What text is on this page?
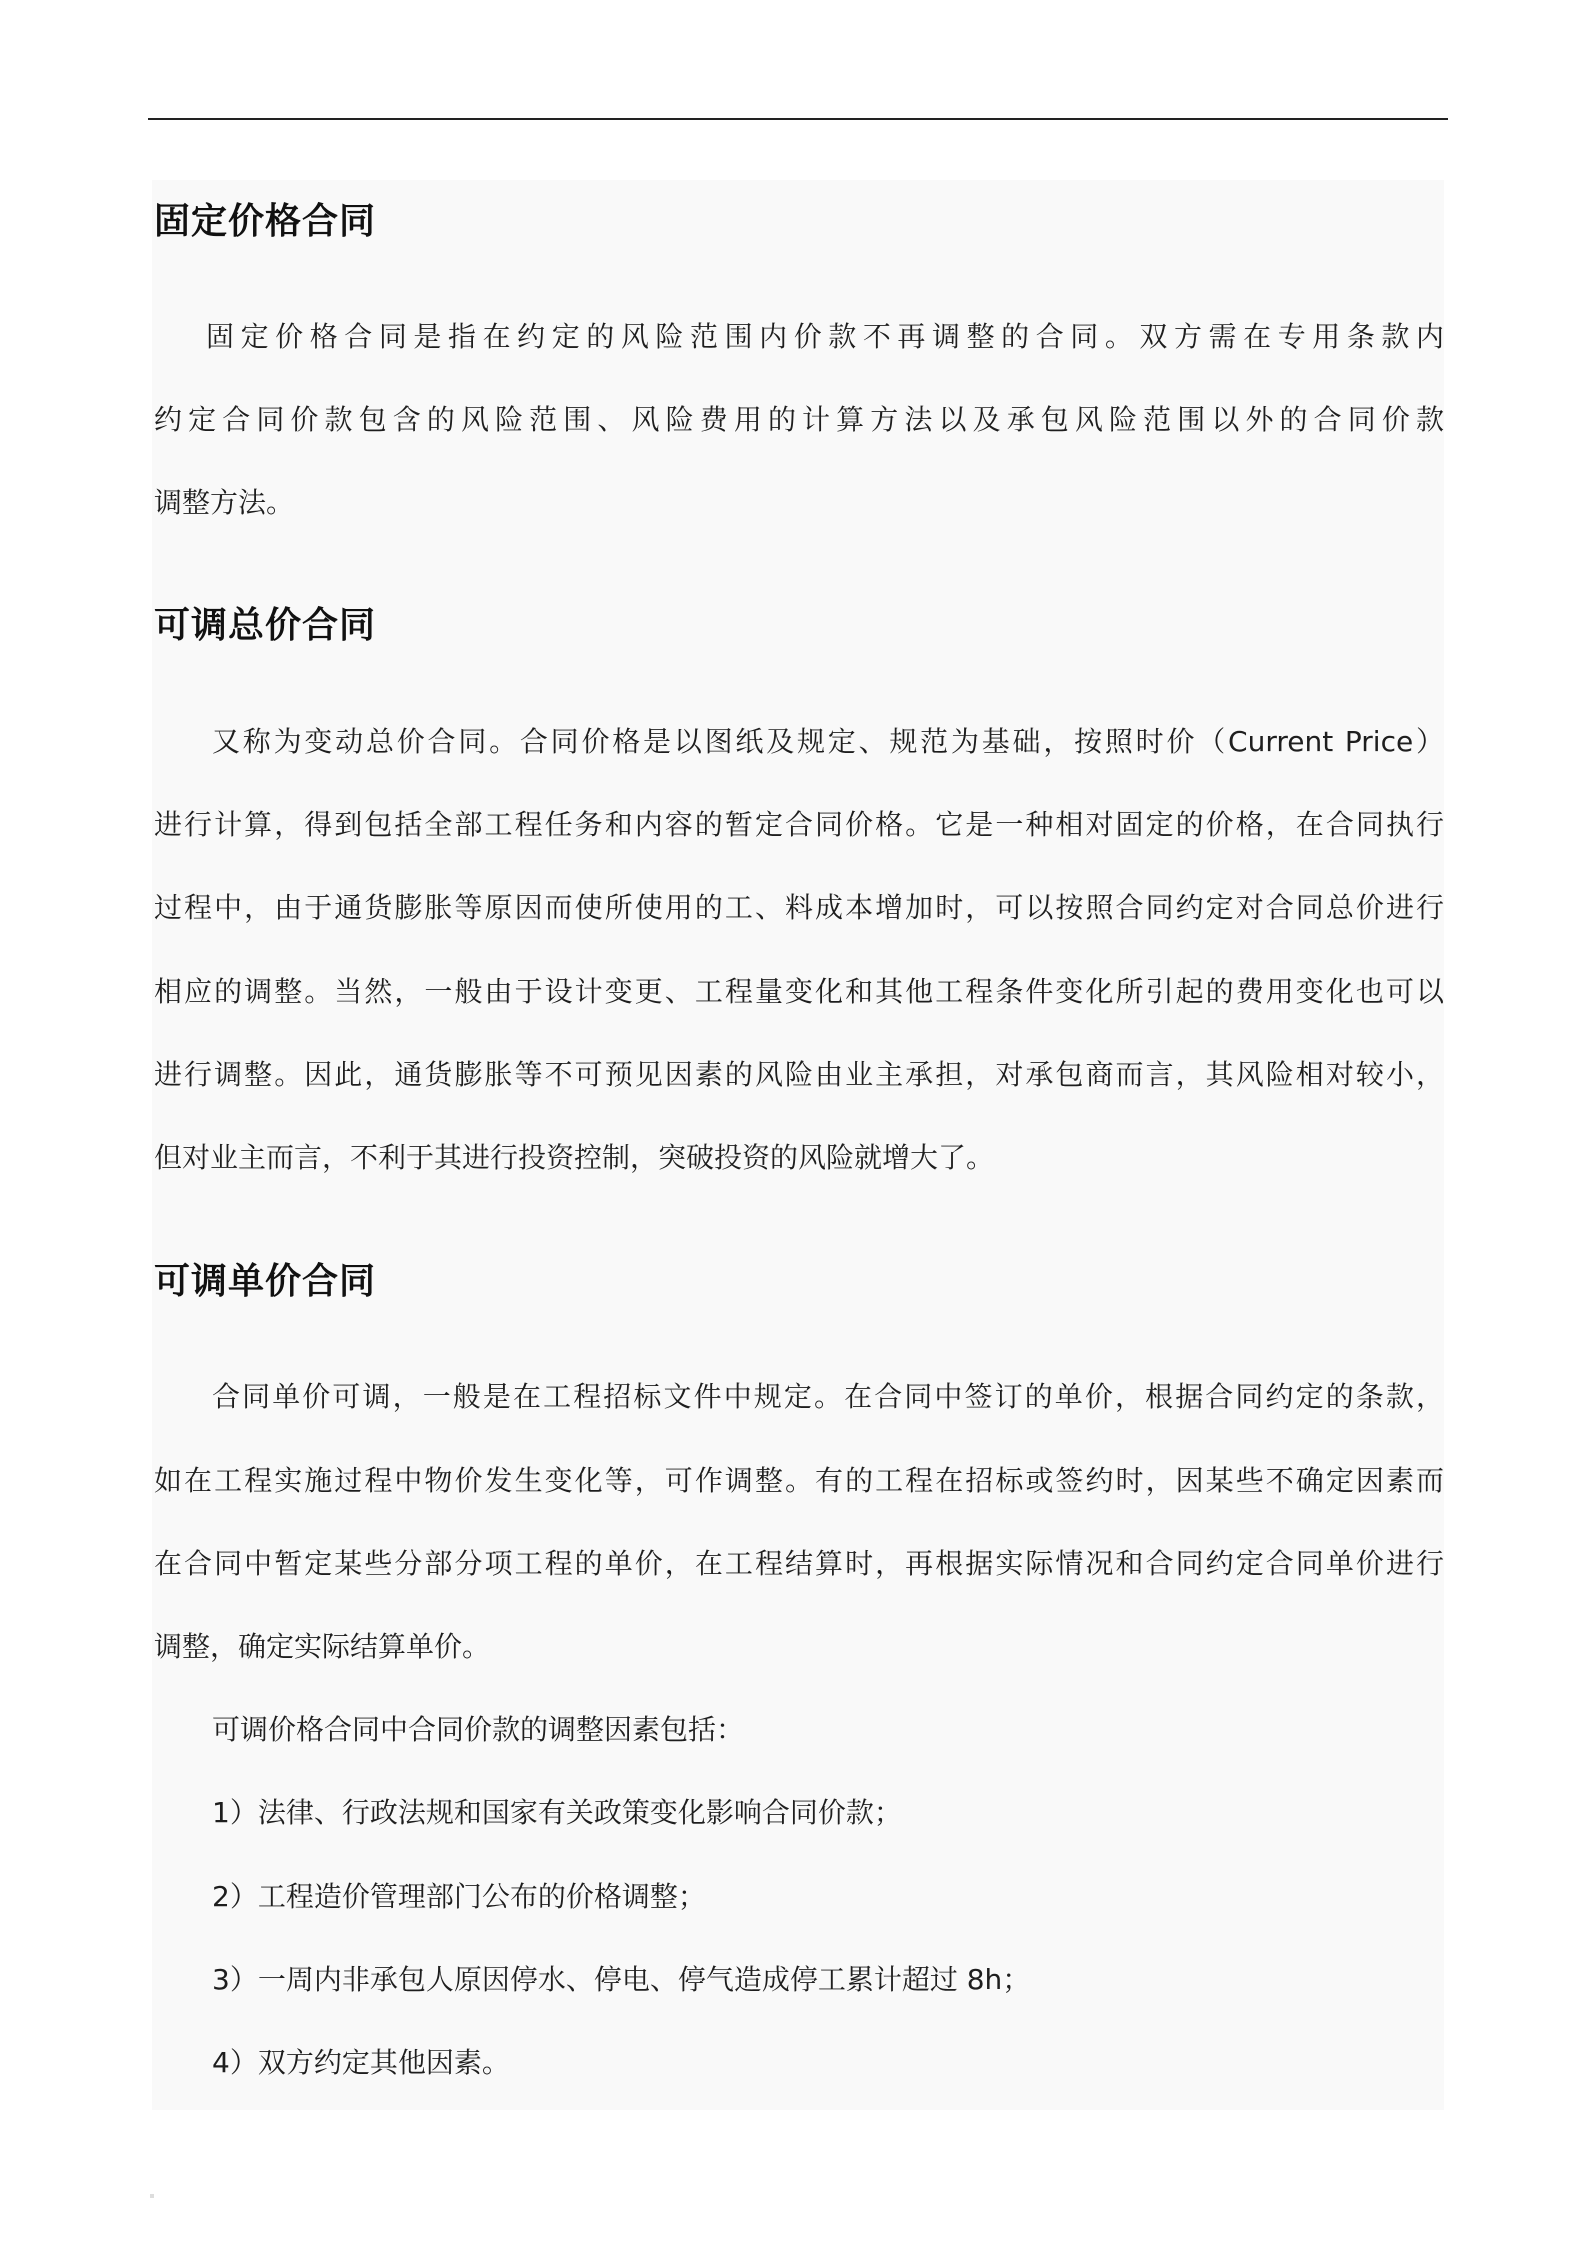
固定价格合同
固定价格合同是指在约定的风险范围内价款不再调整的合同。双方需在专用条款内
约定合同价款包含的风险范围、风险费用的计算方法以及承包风险范围以外的合同价款
调整方法。
可调总价合同
又称为变动总价合同。合同价格是以图纸及规定、规范为基础，按照时价（Current Price）
进行计算，得到包括全部工程任务和内容的暂定合同价格。它是一种相对固定的价格，在合同执行
过程中，由于通货膨胀等原因而使所使用的工、料成本增加时，可以按照合同约定对合同总价进行
相应的调整。当然，一般由于设计变更、工程量变化和其他工程条件变化所引起的费用变化也可以
进行调整。因此，通货膨胀等不可预见因素的风险由业主承担，对承包商而言，其风险相对较小，
但对业主而言，不利于其进行投资控制，突破投资的风险就增大了。
可调单价合同
合同单价可调，一般是在工程招标文件中规定。在合同中签订的单价，根据合同约定的条款，
如在工程实施过程中物价发生变化等，可作调整。有的工程在招标或签约时，因某些不确定因素而
在合同中暂定某些分部分项工程的单价，在工程结算时，再根据实际情况和合同约定合同单价进行
调整，确定实际结算单价。
可调价格合同中合同价款的调整因素包括：
1）法律、行政法规和国家有关政策变化影响合同价款；
2）工程造价管理部门公布的价格调整；
3）一周内非承包人原因停水、停电、停气造成停工累计超过 8h；
4）双方约定其他因素。
